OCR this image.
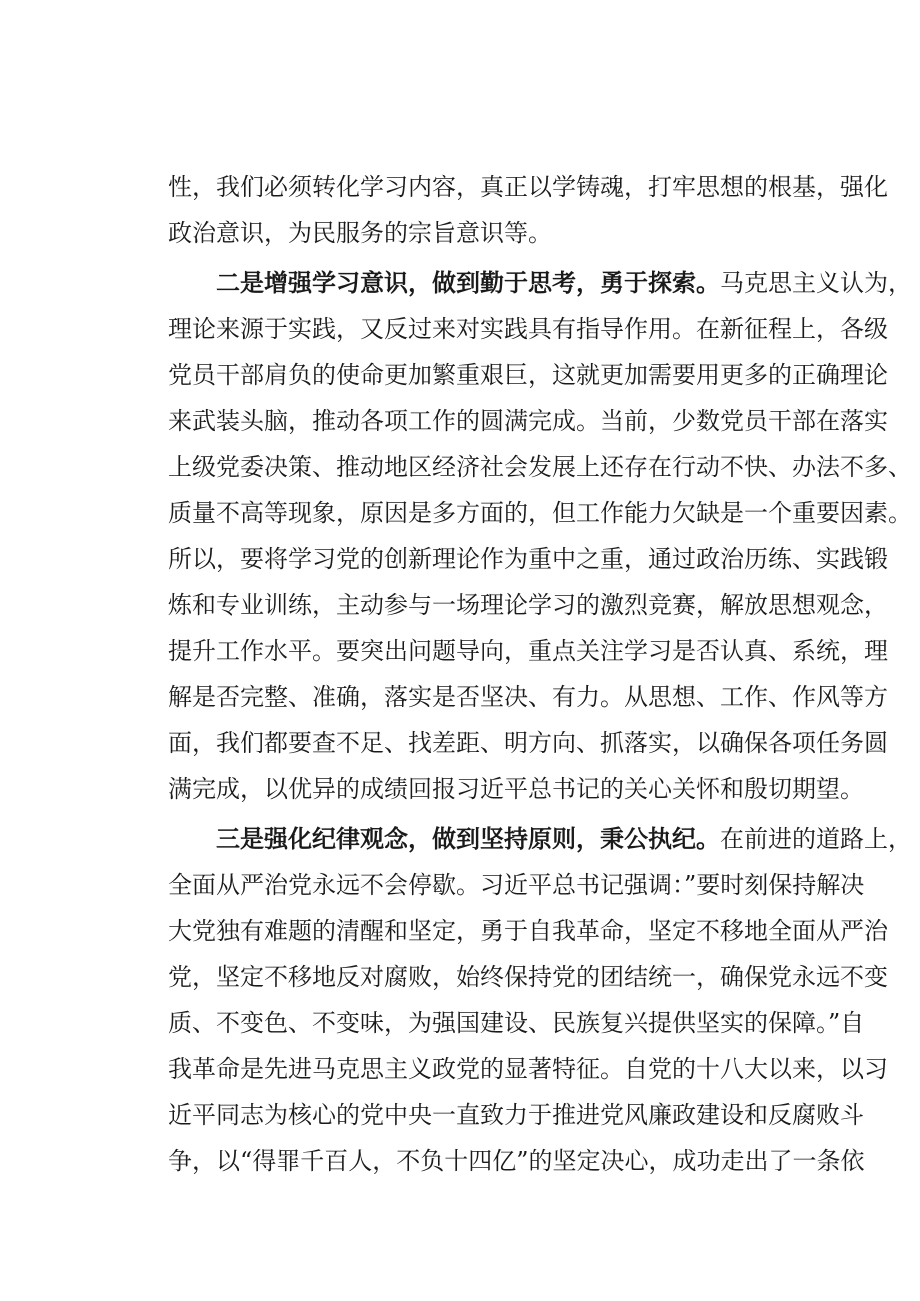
性，我们必须转化学习内容，真正以学铸魂，打牢思想的根基，强化
政治意识，为民服务的宗旨意识等。
二是增强学习意识，做到勤于思考，勇于探索。马克思主义认为，
理论来源于实践，又反过来对实践具有指导作用。在新征程上，各级
党员干部肩负的使命更加繁重艰巨，这就更加需要用更多的正确理论
来武装头脑，推动各项工作的圆满完成。当前，少数党员干部在落实
上级党委决策、推动地区经济社会发展上还存在行动不快、办法不多、
质量不高等现象，原因是多方面的，但工作能力欠缺是一个重要因素。
所以，要将学习党的创新理论作为重中之重，通过政治历练、实践锻
炼和专业训练，主动参与一场理论学习的激烈竞赛，解放思想观念，
提升工作水平。要突出问题导向，重点关注学习是否认真、系统，理
解是否完整、准确，落实是否坚决、有力。从思想、工作、作风等方
面，我们都要查不足、找差距、明方向、抓落实，以确保各项任务圆
满完成，以优异的成绩回报习近平总书记的关心关怀和殷切期望。
三是强化纪律观念，做到坚持原则，秉公执纪。在前进的道路上，
全面从严治党永远不会停歇。习近平总书记强调：”要时刻保持解决
大党独有难题的清醒和坚定，勇于自我革命，坚定不移地全面从严治
党，坚定不移地反对腐败，始终保持党的团结统一，确保党永远不变
质、不变色、不变味，为强国建设、民族复兴提供坚实的保障。”自
我革命是先进马克思主义政党的显著特征。自党的十八大以来，以习
近平同志为核心的党中央一直致力于推进党风廉政建设和反腐败斗
争，以“得罪千百人，不负十四亿”的坚定决心，成功走出了一条依
